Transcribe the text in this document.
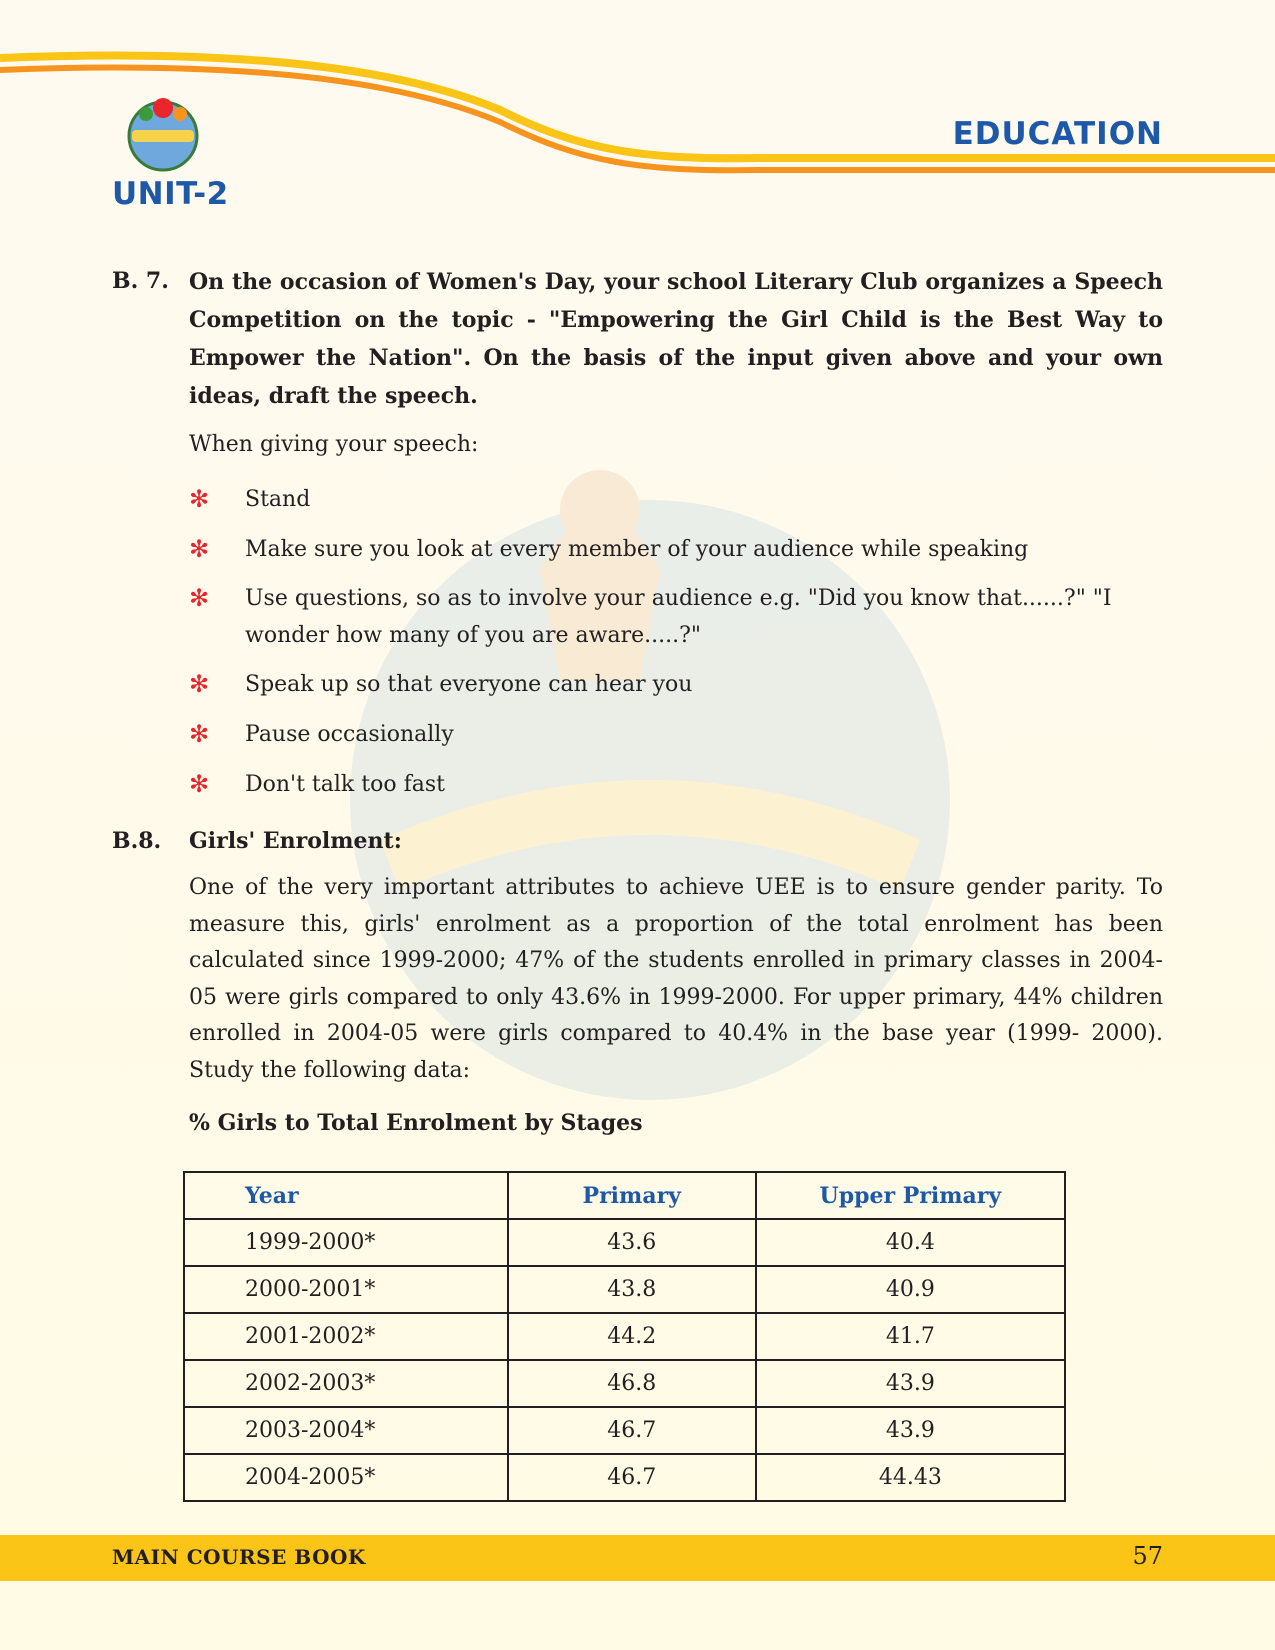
UNIT-2
EDUCATION
B. 7. On the occasion of Women's Day, your school Literary Club organizes a Speech Competition on the topic - "Empowering the Girl Child is the Best Way to Empower the Nation". On the basis of the input given above and your own ideas, draft the speech.
When giving your speech:
✻ Stand
✻ Make sure you look at every member of your audience while speaking
✻ Use questions, so as to involve your audience e.g. "Did you know that......?" "I wonder how many of you are aware.....?"
✻ Speak up so that everyone can hear you
✻ Pause occasionally
✻ Don't talk too fast
B.8. Girls' Enrolment:
One of the very important attributes to achieve UEE is to ensure gender parity. To measure this, girls' enrolment as a proportion of the total enrolment has been calculated since 1999-2000; 47% of the students enrolled in primary classes in 2004-05 were girls compared to only 43.6% in 1999-2000. For upper primary, 44% children enrolled in 2004-05 were girls compared to 40.4% in the base year (1999- 2000). Study the following data:
% Girls to Total Enrolment by Stages
Year	Primary	Upper Primary
1999-2000*	43.6	40.4
2000-2001*	43.8	40.9
2001-2002*	44.2	41.7
2002-2003*	46.8	43.9
2003-2004*	46.7	43.9
2004-2005*	46.7	44.43
MAIN COURSE BOOK	57
